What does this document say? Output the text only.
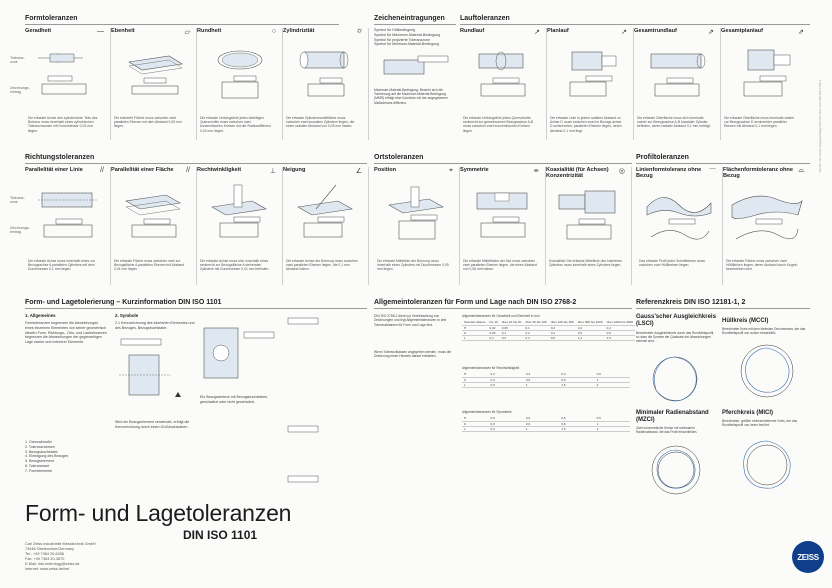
Formtoleranzen	Zeicheneintragungen Lauftoleranzen
Toleranz-
zone
Zeichnungs-
eintrag
Geradheit	—
Die erfasste Achse des zylindrischen Teils des Bolzens muss innerhalb eines zylindrischen Toleranzraumes mit Durchmesser 0,03 mm liegen.
Ebenheit	▱
Die tolerierte Fläche muss zwischen zwei parallelen Ebenen mit dem Abstand 0,05 mm liegen.
Rundheit	○
Die erfasste Umfangslinie jedes beliebigen Querschnitts muss zwischen zwei konzentrischen Kreisen mit der Radiusdifferenz 0,02 mm liegen.
Zylindrizität	⌭
Die erfasste Zylindermantelfläche muss zwischen zwei koaxialen Zylindern liegen, die einen radialen Abstand von 0,05 mm haben.
Symbol für Hüllbedingung
Symbol für Maximum-Material-Bedingung
Symbol für projizierte Toleranzzone
Symbol für Minimum-Material-Bedingung
Maximum-Material-Bedingung: Bezieht sich die Tolerierung auf die Maximum-Material-Bedingung (MMR) erfolgt eine Korrektur mit der angegebenen Maßtoleranz-differenz.
Rundlauf	↗
Die erfasste Umfangslinie jedes Querschnitts senkrecht zur gemeinsamen Bezugsachse A-B muss zwischen zwei konzentrischen Kreisen liegen.
Planlauf	↗
Die erfasste Linie in jedem radialen Abstand zu Achse D muss zwischen zwei im Bezugs-achse D senkrechten, parallelen Ebenen liegen, deren Abstand 0,1 mm liegt.
Gesamtrundlauf	⇗
Die erfasste Oberfläche muss sich innerhalb zweier zur Bezugsachse A-B koaxialer Zylinder befinden, deren radialer Abstand 0,1 mm beträgt.
Gesamtplanlauf	⇗
Die erfasste Oberfläche muss innerhalb zweier zur Bezugsachse D senkrechter paralleler Ebenen mit Abstand 0,1 mm liegen.
Richtungstoleranzen	Ortstoleranzen	Profiltoleranzen
Toleranz-
zone
Zeichnungs-
eintrag
Parallelität einer Linie	//
Die erfasste Achse muss innerhalb eines zur Bezugsachse A parallelen Zylinders mit dem Durchmesser 0,1 mm liegen.
Parallelität einer Fläche	//
Die erfasste Fläche muss zwischen zwei zur Bezugsfläche A parallelen Ebenen mit Abstand 0,01 mm liegen.
Rechtwinkligkeit	⊥
Die erfasste Achse muss sich innerhalb eines senkrecht zur Bezugsfläche A stehenden Zylinders mit Durchmesser 0,01 mm befinden.
Neigung	∠
Die erfasste Achse der Bohrung muss zwischen zwei parallelen Ebenen liegen, die 0,1 mm Abstand haben.
Position	⌖
Die erfasste Mittellinie der Bohrung muss innerhalb eines Zylinders mit Durchmesser 0,05 mm liegen.
Symmetrie	⌯
Die erfasste Mittelfläche der Nut muss zwischen zwei parallelen Ebenen liegen, die einen Abstand von 0,08 mm haben.
Koaxialität (für Achsen) Konzentrizität
◎
Koaxialität: Die erfasste Mittellinie des tolerierten Zylinders muss innerhalb eines Zylinders liegen.
Linienformtoleranz ohne Bezug
⌒
Das erfasste Profil jeder Schnittebene muss zwischen zwei Hüllkreisen liegen.
Flächenformtoleranz ohne Bezug
⌓
Die erfasste Fläche muss zwischen zwei Hüllflächen liegen, deren Abstand durch Kugeln beschrieben wird.
Form- und Lagetolerierung – Kurzinformation DIN ISO 1101
1. Allgemeines
Formtoleranzen begrenzen die Abweichungen eines einzelnen Elementes von seiner geometrisch idealen Form. Richtungs-, Orts- und Lauftoleranzen begrenzen die Abweichungen der gegenseitigen Lage zweier und mehrerer Elemente.
1. Grenzabmaße
2. Toleranzrahmen
3. Bezugsbuchstabe
4. Eintragung des Bezuges
5. Bezugselement
6. Toleranzwert
7. Formelemente
2. Symbole
2.1 Kennzeichnung des tolerierten Elementes und des Bezuges. Bezugsbuchstabe.
Wird ein Bezugselement verwendet, erfolgt die Kennzeichnung durch einen Großbuchstaben.
Ein Bezugsdreieck mit Bezugsbuchstaben, geschwärzt oder nicht geschwärzt.
Allgemeintoleranzen für Form und Lage nach DIN ISO 2768-2
DIN ISO 2768-2 dient zur Vereinfachung von Zeichnungen und legt Allgemeintoleranzen in drei Toleranzklassen für Form und Lage fest.
Wenn Toleranzklassen angegeben werden, muss die Zeichnung einen Hinweis darauf enthalten.
Allgemeintoleranzen für Geradheit und Ebenheit in mm
Toleranz-klasse	bis 10	über 10 bis 30	über 30 bis 100	über 100 bis 300	über 300 bis 1000	über 1000 bis 3000
H	0,02	0,05	0,1	0,2	0,3	0,4
K	0,05	0,1	0,2	0,4	0,6	0,8
L	0,1	0,2	0,4	0,8	1,2	1,6
Allgemeintoleranzen für Rechtwinkligkeit
H	0,2	0,3	0,4	0,5
K	0,4	0,6	0,8	1
L	0,6	1	1,5	2
Allgemeintoleranzen für Symmetrie
H	0,5	0,5	0,5	0,5
K	0,6	0,6	0,8	1
L	0,6	1	1,5	2
Referenzkreis DIN ISO 12181-1, 2
Gauss'scher Ausgleichkreis (LSCI)
Berechneter Ausgleichskreis durch das Rundheitsprofil, so dass die Summe der Quadrate der Abweichungen minimal wird.
Hüllkreis (MCCI)
Berechneter Kreis mit dem kleinsten Durchmesser, der das Rundheitsprofil von außen einschließt.
Minimaler Radienabstand (MZCI)
Zwei konzentrische Kreise mit minimalem Radienabstand, die das Profil einschließen.
Pferchkreis (MICI)
Berechneter, größter einbeschriebener Kreis, der das Rundheitsprofil von innen berührt.
Form- und Lagetoleranzen
DIN ISO 1101
Carl Zeiss Industrielle Messtechnik GmbH
73446 Oberkochen/Germany
Tel.: +49 7364 20-6336
Fax: +49 7364 20-3870
E-Mail: info.metrology@zeiss.de
Internet: www.zeiss.de/imt
ZEISS
Sachnr. der Zeichnungsgrundlage DIN ISO 1101 und DIN ISO 2768-2
